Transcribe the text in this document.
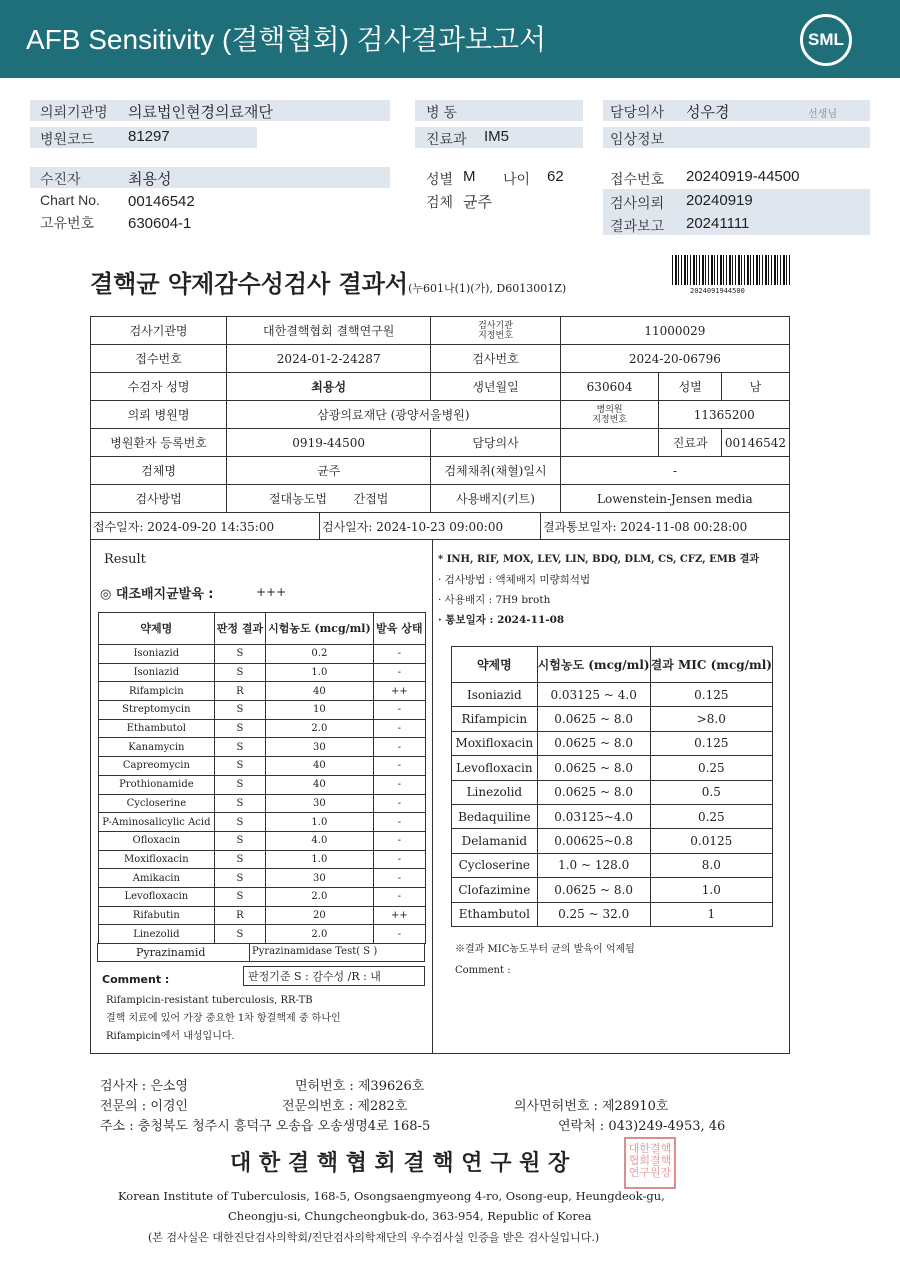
AFB Sensitivity (결핵협회) 검사결과보고서	SML
의뢰기관명 의료법인현경의료재단
병원코드 81297
병 동
진료과 IM5
담당의사 성우경	선생님
임상정보
수진자	최용성
Chart No. 00146542
고유번호 630604-1
성별 M 나이 62
검체 균주
접수번호 20240919-44500
검사의뢰 20240919
결과보고 20241111
결핵균 약제감수성검사 결과서(누601나(1)(가), D6013001Z)	2024091944500
검사기관명	대한결핵협회 결핵연구원	검사기관
지정번호	11000029		
접수번호	2024-01-2-24287	검사번호	2024-20-06796		
수검자 성명	최용성	생년월일	630604	성별	남
의뢰 병원명	삼광의료재단 (광양서울병원)		병의원
지정번호	11365200	
병원환자 등록번호	0919-44500	담당의사		진료과	00146542
검체명	균주	검체채취(채혈)일시	-		
검사방법	절대농도법 간접법	사용배지(키트)	Lowenstein-Jensen media		
접수일자: 2024-09-20 14:35:00	검사일자: 2024-10-23 09:00:00	결과통보일자: 2024-11-08 00:28:00
Result
◎ 대조배지균발육 :	+++
약제명	판정 결과	시험농도 (mcg/ml)	발육 상태
Isoniazid	S	0.2	-
Isoniazid	S	1.0	-
Rifampicin	R	40	++
Streptomycin	S	10	-
Ethambutol	S	2.0	-
Kanamycin	S	30	-
Capreomycin	S	40	-
Prothionamide	S	40	-
Cycloserine	S	30	-
P-Aminosalicylic Acid	S	1.0	-
Ofloxacin	S	4.0	-
Moxifloxacin	S	1.0	-
Amikacin	S	30	-
Levofloxacin	S	2.0	-
Rifabutin	R	20	++
Linezolid	S	2.0	-
Pyrazinamid	Pyrazinamidase Test( S )
Comment :	판정기준 S : 감수성 /R : 내
Rifampicin-resistant tuberculosis, RR-TB
결핵 치료에 있어 가장 중요한 1차 항결핵제 중 하나인
Rifampicin에서 내성입니다.
* INH, RIF, MOX, LEV, LIN, BDQ, DLM, CS, CFZ, EMB 결과
· 검사방법 : 액체배지 미량희석법
· 사용배지 : 7H9 broth
· 통보일자 : 2024-11-08
약제명	시험농도 (mcg/ml)	결과 MIC (mcg/ml)
Isoniazid	0.03125 ~ 4.0	0.125
Rifampicin	0.0625 ~ 8.0	>8.0
Moxifloxacin	0.0625 ~ 8.0	0.125
Levofloxacin	0.0625 ~ 8.0	0.25
Linezolid	0.0625 ~ 8.0	0.5
Bedaquiline	0.03125~4.0	0.25
Delamanid	0.00625~0.8	0.0125
Cycloserine	1.0 ~ 128.0	8.0
Clofazimine	0.0625 ~ 8.0	1.0
Ethambutol	0.25 ~ 32.0	1
※결과 MIC농도부터 균의 발육이 억제됨
Comment :
검사자 : 은소영	면허번호 : 제39626호
전문의 : 이경인	전문의번호 : 제282호	의사면허번호 : 제28910호
주소 : 충청북도 청주시 흥덕구 오송읍 오송생명4로 168-5	연락처 : 043)249-4953, 46
대 한 결 핵 협 회 결 핵 연 구 원 장
대한결핵협회결핵연구원장
Korean Institute of Tuberculosis, 168-5, Osongsaengmyeong 4-ro, Osong-eup, Heungdeok-gu,
Cheongju-si, Chungcheongbuk-do, 363-954, Republic of Korea
(본 검사실은 대한진단검사의학회/진단검사의학재단의 우수검사실 인증을 받은 검사실입니다.)
